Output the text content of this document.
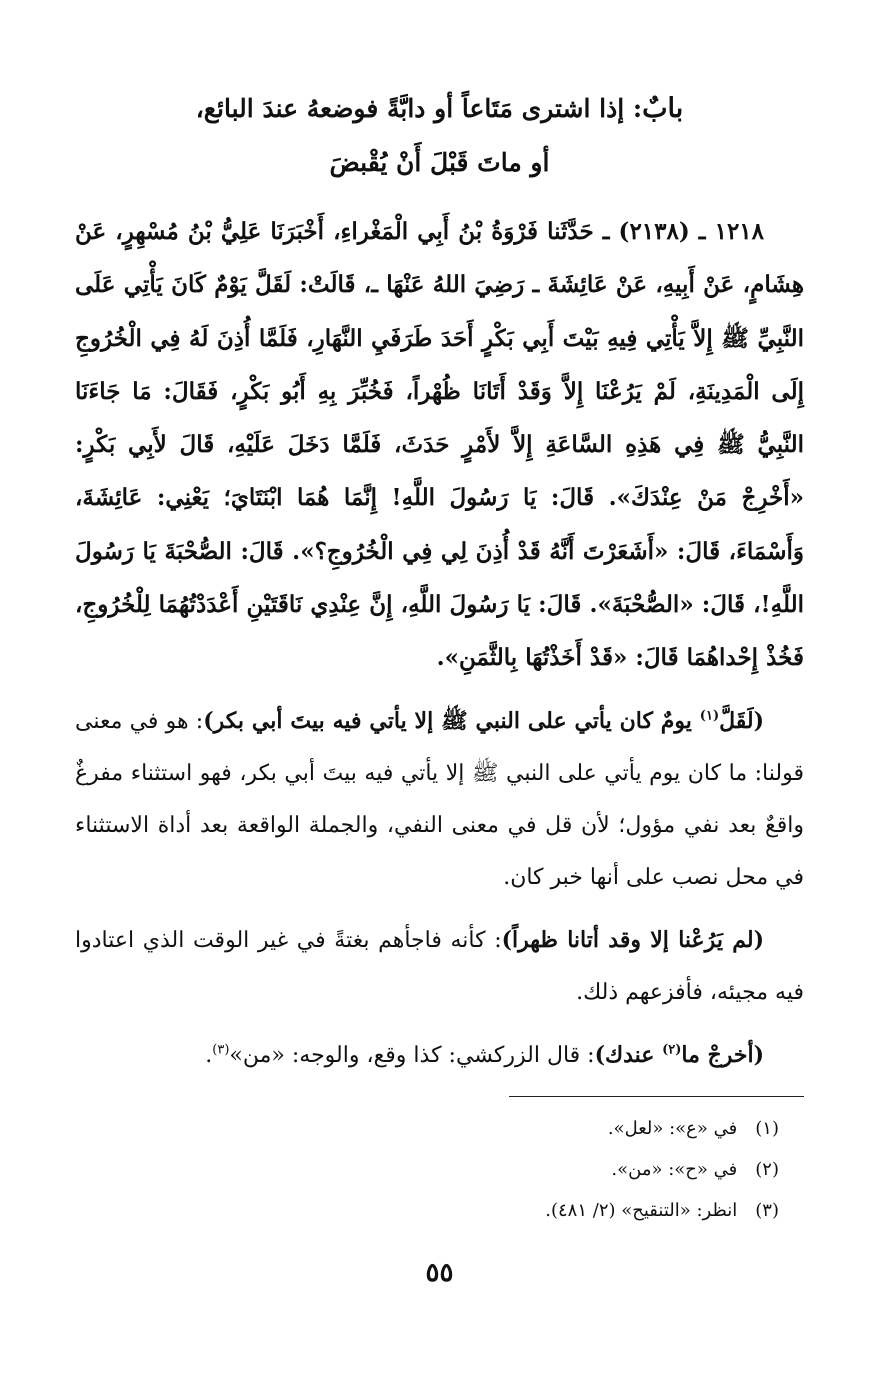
بابٌ: إذا اشترى مَتَاعاً أو دابَّةً فوضعهُ عندَ البائع،
أو ماتَ قَبْلَ أَنْ يُقْبضَ

١٢١٨ ـ (٢١٣٨) ـ حَدَّثَنا فَرْوَةُ بْنُ أَبِي الْمَغْراءِ، أَخْبَرَنَا عَلِيُّ بْنُ مُسْهِرٍ، عَنْ هِشَامٍ، عَنْ أَبِيهِ، عَنْ عَائِشَةَ ـ رَضِيَ اللهُ عَنْهَا ـ، قَالَتْ: لَقَلَّ يَوْمٌ كَانَ يَأْتِي عَلَى النَّبِيِّ ﷺ إِلاَّ يَأْتِي فِيهِ بَيْتَ أَبِي بَكْرٍ أَحَدَ طَرَفَيِ النَّهَارِ، فَلَمَّا أُذِنَ لَهُ فِي الْخُرُوجِ إِلَى الْمَدِينَةِ، لَمْ يَرُعْنَا إِلاَّ وَقَدْ أَتَانَا ظُهْراً، فَخُبِّرَ بِهِ أَبُو بَكْرٍ، فَقَالَ: مَا جَاءَنَا النَّبِيُّ ﷺ فِي هَذِهِ السَّاعَةِ إِلاَّ لأَمْرٍ حَدَثَ، فَلَمَّا دَخَلَ عَلَيْهِ، قَالَ لأَبِي بَكْرٍ: «أَخْرِجْ مَنْ عِنْدَكَ». قَالَ: يَا رَسُولَ اللَّهِ! إِنَّمَا هُمَا ابْنَتَايَ؛ يَعْنِي: عَائِشَةَ، وَأَسْمَاءَ، قَالَ: «أَشَعَرْتَ أَنَّهُ قَدْ أُذِنَ لِي فِي الْخُرُوجِ؟». قَالَ: الصُّحْبَةَ يَا رَسُولَ اللَّهِ!، قَالَ: «الصُّحْبَةَ». قَالَ: يَا رَسُولَ اللَّهِ، إِنَّ عِنْدِي نَاقَتَيْنِ أَعْدَدْتُهُمَا لِلْخُرُوجِ، فَخُذْ إِحْداهُمَا قَالَ: «قَدْ أَخَذْتُهَا بِالثَّمَنِ».

(لَقَلَّ$^{(١)}$ يومٌ كان يأتي على النبي ﷺ إلا يأتي فيه بيتَ أبي بكر): هو في معنى قولنا: ما كان يوم يأتي على النبي ﷺ إلا يأتي فيه بيتَ أبي بكر، فهو استثناء مفرغٌ واقعٌ بعد نفي مؤول؛ لأن قل في معنى النفي، والجملة الواقعة بعد أداة الاستثناء في محل نصب على أنها خبر كان.

(لم يَرُعْنا إلا وقد أتانا ظهراً): كأنه فاجأهم بغتةً في غير الوقت الذي اعتادوا فيه مجيئه، فأفزعهم ذلك.

(أخرجْ ما$^{(٢)}$ عندك): قال الزركشي: كذا وقع، والوجه: «من»$^{(٣)}$.

(١)
في «ع»: «لعل».
(٢)
في «ح»: «من».
(٣)
انظر: «التنقيح» (٢/ ٤٨١).
٥٥
